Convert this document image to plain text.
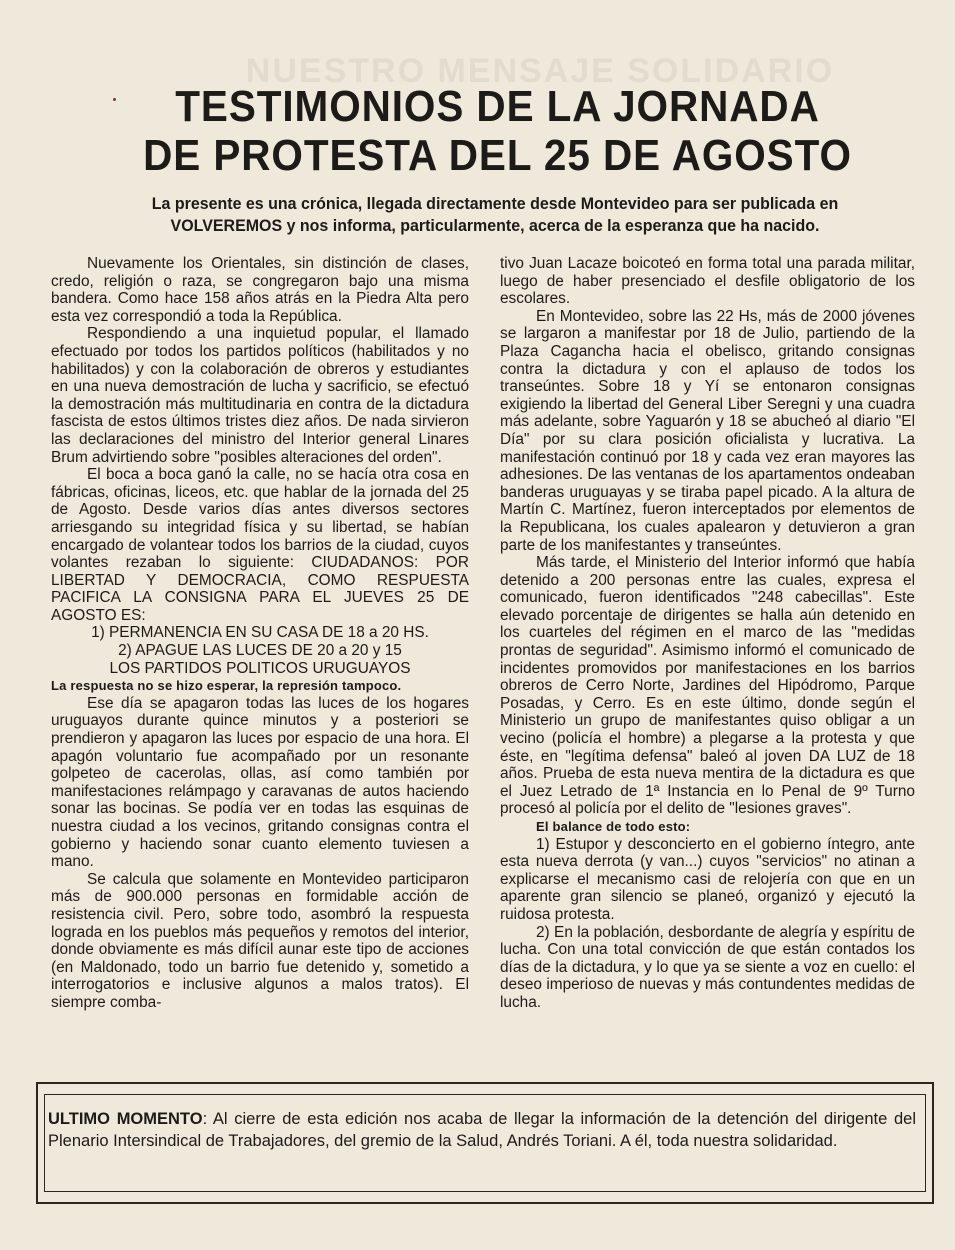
NUESTRO MENSAJE SOLIDARIO
TESTIMONIOS DE LA JORNADA
DE PROTESTA DEL 25 DE AGOSTO
La presente es una crónica, llegada directamente desde Montevideo para ser publicada en VOLVEREMOS y nos informa, particularmente, acerca de la esperanza que ha nacido.

Nuevamente los Orientales, sin distinción de clases, credo, religión o raza, se congregaron bajo una misma bandera. Como hace 158 años atrás en la Piedra Alta pero esta vez correspondió a toda la República.

Respondiendo a una inquietud popular, el llamado efectuado por todos los partidos políticos (habilitados y no habilitados) y con la colaboración de obreros y estudiantes en una nueva demostración de lucha y sacrificio, se efectuó la demostración más multitudinaria en contra de la dictadura fascista de estos últimos tristes diez años. De nada sirvieron las declaraciones del ministro del Interior general Linares Brum advirtiendo sobre "posibles alteraciones del orden".

El boca a boca ganó la calle, no se hacía otra cosa en fábricas, oficinas, liceos, etc. que hablar de la jornada del 25 de Agosto. Desde varios días antes diversos sectores arriesgando su integridad física y su libertad, se habían encargado de volantear todos los barrios de la ciudad, cuyos volantes rezaban lo siguiente: CIUDADANOS: POR LIBERTAD Y DEMOCRACIA, COMO RESPUESTA PACIFICA LA CONSIGNA PARA EL JUEVES 25 DE AGOSTO ES:

1) PERMANENCIA EN SU CASA DE 18 a 20 HS.
2) APAGUE LAS LUCES DE 20 a 20 y 15
LOS PARTIDOS POLITICOS URUGUAYOS

La respuesta no se hizo esperar, la represión tampoco.

Ese día se apagaron todas las luces de los hogares uruguayos durante quince minutos y a posteriori se prendieron y apagaron las luces por espacio de una hora. El apagón voluntario fue acompañado por un resonante golpeteo de cacerolas, ollas, así como también por manifestaciones relámpago y caravanas de autos haciendo sonar las bocinas. Se podía ver en todas las esquinas de nuestra ciudad a los vecinos, gritando consignas contra el gobierno y haciendo sonar cuanto elemento tuviesen a mano.

Se calcula que solamente en Montevideo participaron más de 900.000 personas en formidable acción de resistencia civil. Pero, sobre todo, asombró la respuesta lograda en los pueblos más pequeños y remotos del interior, donde obviamente es más difícil aunar este tipo de acciones (en Maldonado, todo un barrio fue detenido y, sometido a interrogatorios e inclusive algunos a malos tratos). El siempre comba-

tivo Juan Lacaze boicoteó en forma total una parada militar, luego de haber presenciado el desfile obligatorio de los escolares.

En Montevideo, sobre las 22 Hs, más de 2000 jóvenes se largaron a manifestar por 18 de Julio, partiendo de la Plaza Cagancha hacia el obelisco, gritando consignas contra la dictadura y con el aplauso de todos los transeúntes. Sobre 18 y Yí se entonaron consignas exigiendo la libertad del General Liber Seregni y una cuadra más adelante, sobre Yaguarón y 18 se abucheó al diario "El Día" por su clara posición oficialista y lucrativa. La manifestación continuó por 18 y cada vez eran mayores las adhesiones. De las ventanas de los apartamentos ondeaban banderas uruguayas y se tiraba papel picado. A la altura de Martín C. Martínez, fueron interceptados por elementos de la Republicana, los cuales apalearon y detuvieron a gran parte de los manifestantes y transeúntes.

Más tarde, el Ministerio del Interior informó que había detenido a 200 personas entre las cuales, expresa el comunicado, fueron identificados "248 cabecillas". Este elevado porcentaje de dirigentes se halla aún detenido en los cuarteles del régimen en el marco de las "medidas prontas de seguridad". Asimismo informó el comunicado de incidentes promovidos por manifestaciones en los barrios obreros de Cerro Norte, Jardines del Hipódromo, Parque Posadas, y Cerro. Es en este último, donde según el Ministerio un grupo de manifestantes quiso obligar a un vecino (policía el hombre) a plegarse a la protesta y que éste, en "legítima defensa" baleó al joven DA LUZ de 18 años. Prueba de esta nueva mentira de la dictadura es que el Juez Letrado de 1ª Instancia en lo Penal de 9º Turno procesó al policía por el delito de "lesiones graves".

El balance de todo esto:

1) Estupor y desconcierto en el gobierno íntegro, ante esta nueva derrota (y van...) cuyos "servicios" no atinan a explicarse el mecanismo casi de relojería con que en un aparente gran silencio se planeó, organizó y ejecutó la ruidosa protesta.

2) En la población, desbordante de alegría y espíritu de lucha. Con una total convicción de que están contados los días de la dictadura, y lo que ya se siente a voz en cuello: el deseo imperioso de nuevas y más contundentes medidas de lucha.

ULTIMO MOMENTO: Al cierre de esta edición nos acaba de llegar la información de la detención del dirigente del Plenario Intersindical de Trabajadores, del gremio de la Salud, Andrés Toriani. A él, toda nuestra solidaridad.
